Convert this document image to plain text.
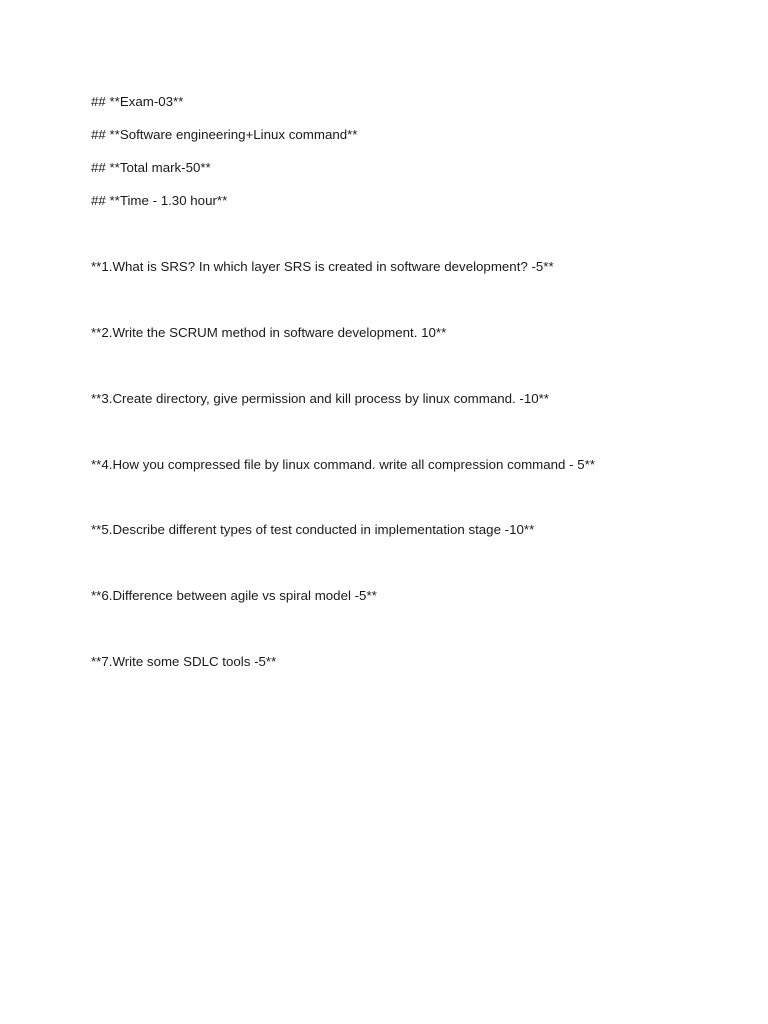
## **Exam-03**
## **Software engineering+Linux command**
## **Total mark-50**
## **Time - 1.30 hour**
**1.What is SRS? In which layer SRS is created in software development? -5**
**2.Write the SCRUM method in software development. 10**
**3.Create directory, give permission and kill process by linux command. -10**
**4.How you compressed file by linux command. write all compression command - 5**
**5.Describe different types of test conducted in implementation stage -10**
**6.Difference between agile vs spiral model -5**
**7.Write some SDLC tools -5**
